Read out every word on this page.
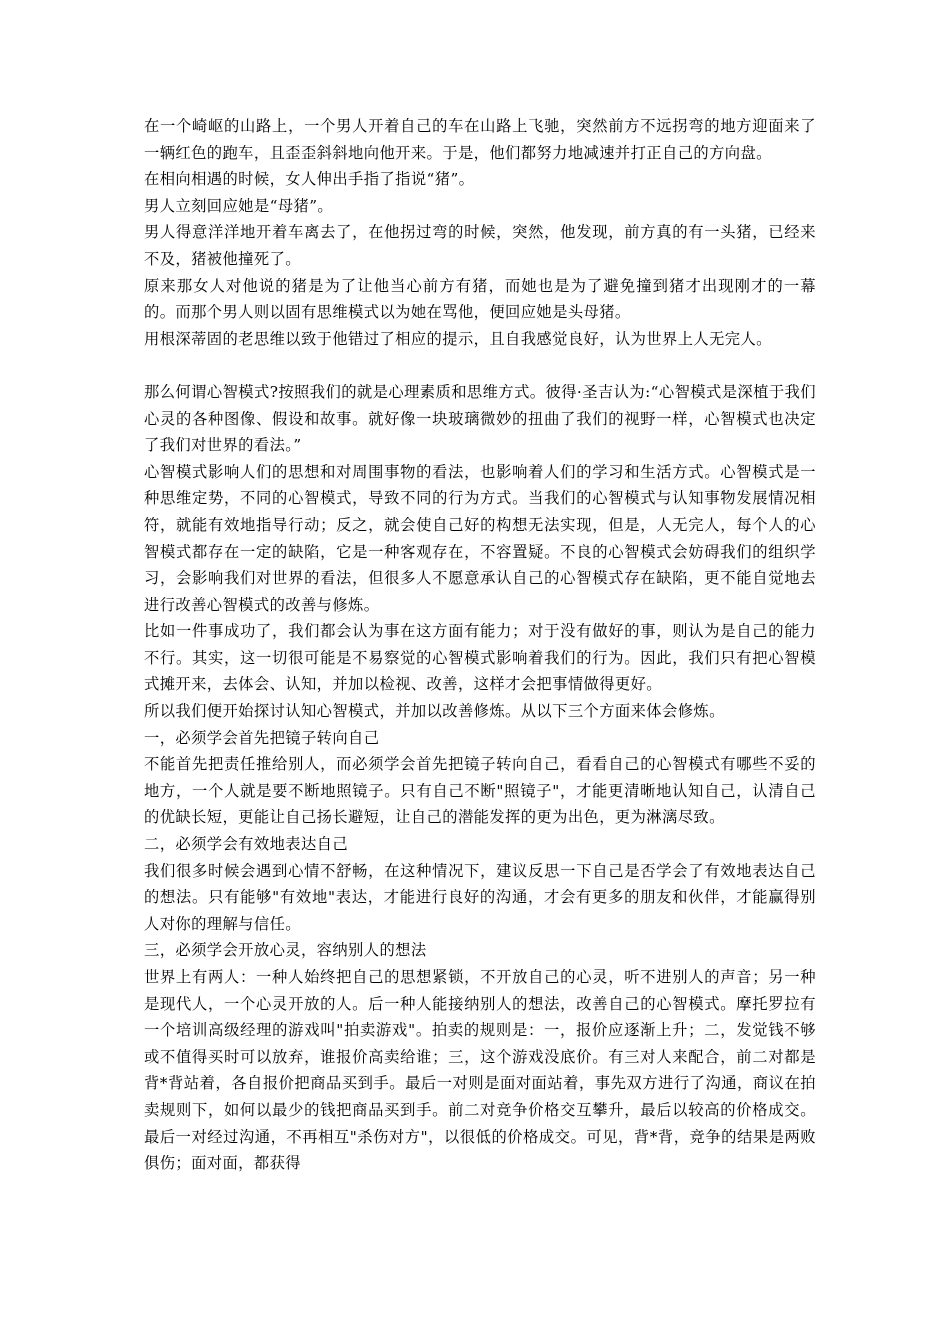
在一个崎岖的山路上，一个男人开着自己的车在山路上飞驰，突然前方不远拐弯的地方迎面来了一辆红色的跑车，且歪歪斜斜地向他开来。于是，他们都努力地减速并打正自己的方向盘。

在相向相遇的时候，女人伸出手指了指说“猪”。

男人立刻回应她是“母猪”。

男人得意洋洋地开着车离去了，在他拐过弯的时候，突然，他发现，前方真的有一头猪，已经来不及，猪被他撞死了。

原来那女人对他说的猪是为了让他当心前方有猪，而她也是为了避免撞到猪才出现刚才的一幕的。而那个男人则以固有思维模式以为她在骂他，便回应她是头母猪。

用根深蒂固的老思维以致于他错过了相应的提示，且自我感觉良好，认为世界上人无完人。

那么何谓心智模式?按照我们的就是心理素质和思维方式。彼得·圣吉认为:“心智模式是深植于我们心灵的各种图像、假设和故事。就好像一块玻璃微妙的扭曲了我们的视野一样，心智模式也决定了我们对世界的看法。”

心智模式影响人们的思想和对周围事物的看法，也影响着人们的学习和生活方式。心智模式是一种思维定势，不同的心智模式，导致不同的行为方式。当我们的心智模式与认知事物发展情况相符，就能有效地指导行动；反之，就会使自己好的构想无法实现，但是，人无完人，每个人的心智模式都存在一定的缺陷，它是一种客观存在，不容置疑。不良的心智模式会妨碍我们的组织学习，会影响我们对世界的看法，但很多人不愿意承认自己的心智模式存在缺陷，更不能自觉地去进行改善心智模式的改善与修炼。

比如一件事成功了，我们都会认为事在这方面有能力；对于没有做好的事，则认为是自己的能力不行。其实，这一切很可能是不易察觉的心智模式影响着我们的行为。因此，我们只有把心智模式摊开来，去体会、认知，并加以检视、改善，这样才会把事情做得更好。

所以我们便开始探讨认知心智模式，并加以改善修炼。从以下三个方面来体会修炼。

一，必须学会首先把镜子转向自己

不能首先把责任推给别人，而必须学会首先把镜子转向自己，看看自己的心智模式有哪些不妥的地方，一个人就是要不断地照镜子。只有自己不断"照镜子"，才能更清晰地认知自己，认清自己的优缺长短，更能让自己扬长避短，让自己的潜能发挥的更为出色，更为淋漓尽致。

二，必须学会有效地表达自己

我们很多时候会遇到心情不舒畅，在这种情况下，建议反思一下自己是否学会了有效地表达自己的想法。只有能够"有效地"表达，才能进行良好的沟通，才会有更多的朋友和伙伴，才能赢得别人对你的理解与信任。

三，必须学会开放心灵，容纳别人的想法

世界上有两人：一种人始终把自己的思想紧锁，不开放自己的心灵，听不进别人的声音；另一种是现代人，一个心灵开放的人。后一种人能接纳别人的想法，改善自己的心智模式。摩托罗拉有一个培训高级经理的游戏叫"拍卖游戏"。拍卖的规则是：一，报价应逐渐上升；二，发觉钱不够或不值得买时可以放弃，谁报价高卖给谁；三，这个游戏没底价。有三对人来配合，前二对都是背*背站着，各自报价把商品买到手。最后一对则是面对面站着，事先双方进行了沟通，商议在拍卖规则下，如何以最少的钱把商品买到手。前二对竞争价格交互攀升，最后以较高的价格成交。最后一对经过沟通，不再相互"杀伤对方"，以很低的价格成交。可见，背*背，竞争的结果是两败俱伤；面对面，都获得
